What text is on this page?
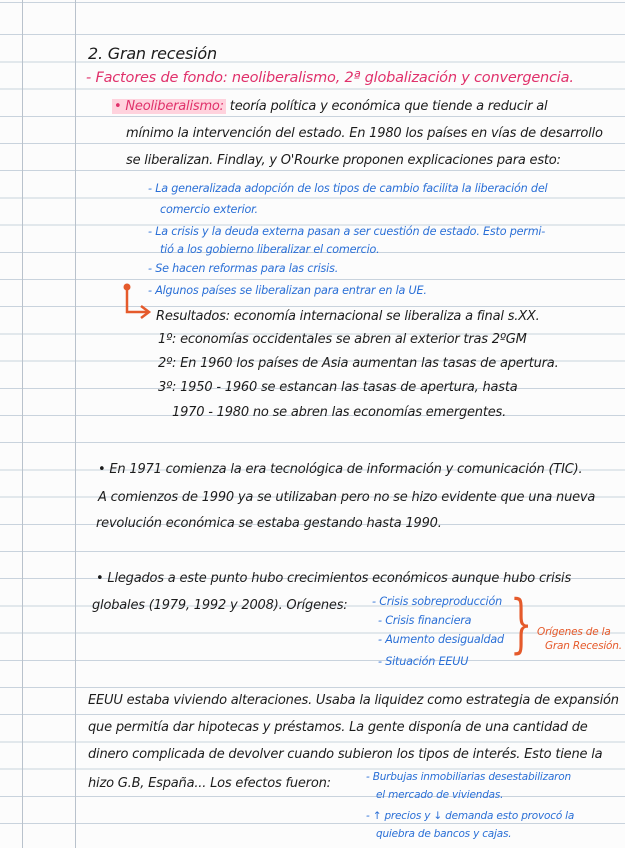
2. Gran recesión
- Factores de fondo: neoliberalismo, 2ª globalización y convergencia.
• Neoliberalismo: teoría política y económica que tiende a reducir al
mínimo la intervención del estado. En 1980 los países en vías de desarrollo
se liberalizan. Findlay, y O'Rourke proponen explicaciones para esto:
- La generalizada adopción de los tipos de cambio facilita la liberación del
comercio exterior.
- La crisis y la deuda externa pasan a ser cuestión de estado. Esto permi-
tió a los gobierno liberalizar el comercio.
- Se hacen reformas para las crisis.
- Algunos países se liberalizan para entrar en la UE.
Resultados: economía internacional se liberaliza a final s.XX.
1º: economías occidentales se abren al exterior tras 2ºGM
2º: En 1960 los países de Asia aumentan las tasas de apertura.
3º: 1950 - 1960 se estancan las tasas de apertura, hasta
1970 - 1980 no se abren las economías emergentes.
• En 1971 comienza la era tecnológica de información y comunicación (TIC).
A comienzos de 1990 ya se utilizaban pero no se hizo evidente que una nueva
revolución económica se estaba gestando hasta 1990.
• Llegados a este punto hubo crecimientos económicos aunque hubo crisis
globales (1979, 1992 y 2008). Orígenes: - Crisis sobreproducción
- Crisis financiera
- Aumento desigualdad
- Situación EEUU
} Orígenes de la
Gran Recesión.
EEUU estaba viviendo alteraciones. Usaba la liquidez como estrategia de expansión
que permitía dar hipotecas y préstamos. La gente disponía de una cantidad de
dinero complicada de devolver cuando subieron los tipos de interés. Esto tiene la
hizo G.B, España... Los efectos fueron:	- Burbujas inmobiliarias desestabilizaron
el mercado de viviendas.
- ↑ precios y ↓ demanda esto provocó la
quiebra de bancos y cajas.
